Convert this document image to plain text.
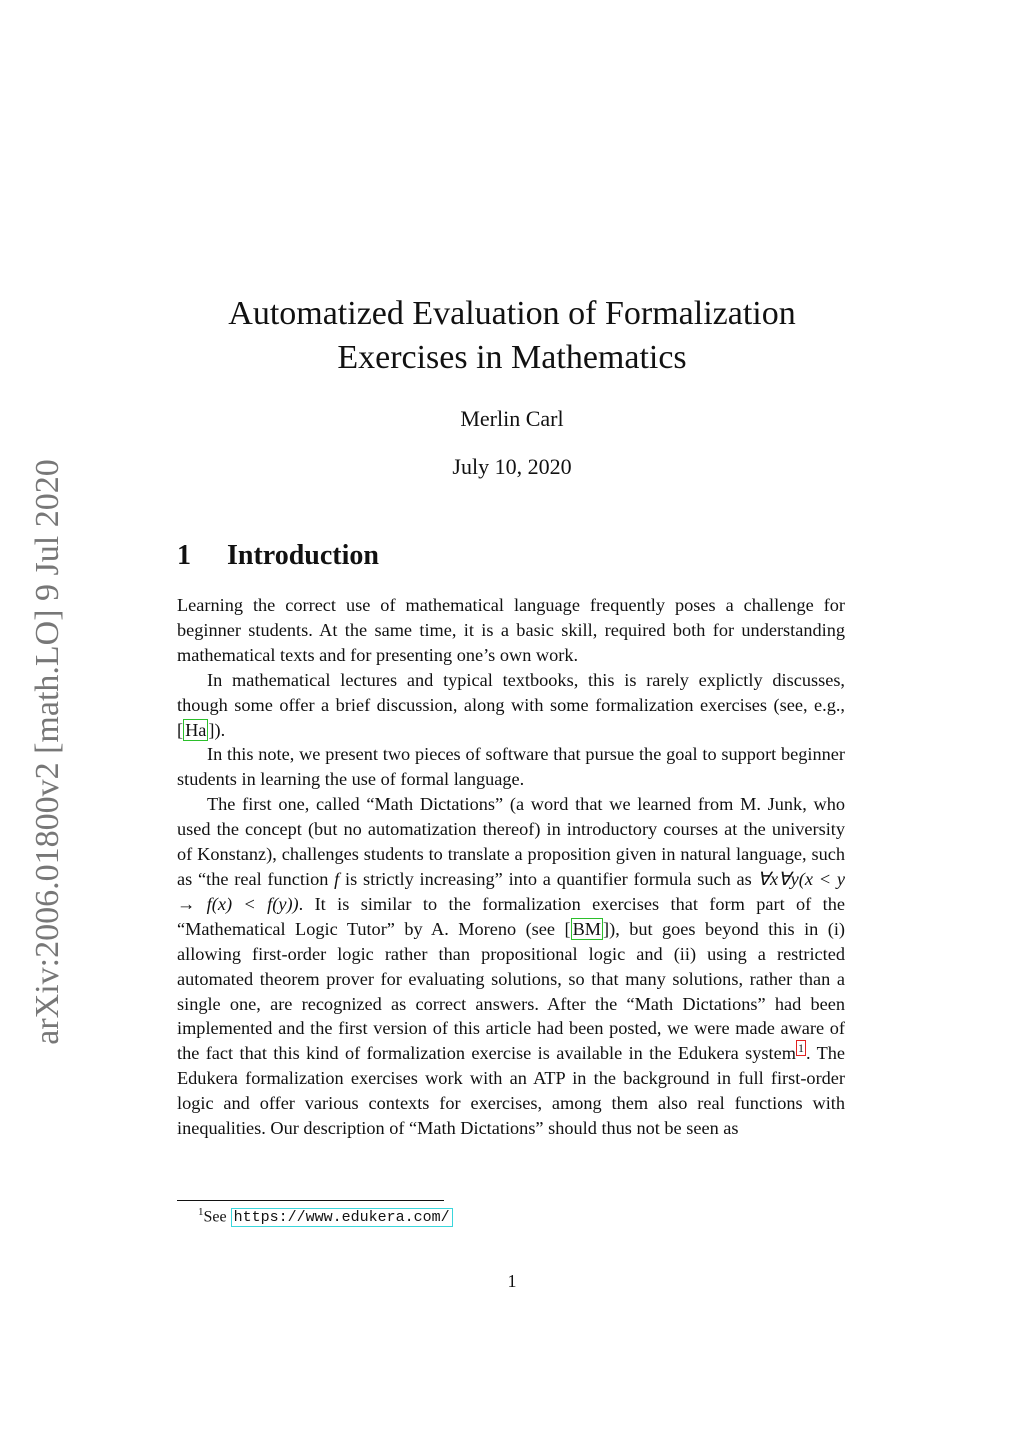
arXiv:2006.01800v2 [math.LO] 9 Jul 2020
Automatized Evaluation of Formalization
Exercises in Mathematics
Merlin Carl
July 10, 2020
1 Introduction

Learning the correct use of mathematical language frequently poses a challenge for beginner students. At the same time, it is a basic skill, required both for understanding mathematical texts and for presenting one’s own work.

In mathematical lectures and typical textbooks, this is rarely explictly discusses, though some offer a brief discussion, along with some formalization exercises (see, e.g., [ Ha ]).

In this note, we present two pieces of software that pursue the goal to support beginner students in learning the use of formal language.

The first one, called “Math Dictations” (a word that we learned from M. Junk, who used the concept (but no automatization thereof) in introductory courses at the university of Konstanz), challenges students to translate a proposition given in natural language, such as “the real function f is strictly increasing” into a quantifier formula such as ∀x∀y(x < y → f(x) < f(y)). It is similar to the formalization exercises that form part of the “Mathematical Logic Tutor” by A. Moreno (see [ BM ]), but goes beyond this in (i) allowing first-order logic rather than propositional logic and (ii) using a restricted automated theorem prover for evaluating solutions, so that many solutions, rather than a single one, are recognized as correct answers. After the “Math Dictations” had been implemented and the first version of this article had been posted, we were made aware of the fact that this kind of formalization exercise is available in the Edukera system $^1$ . The Edukera formalization exercises work with an ATP in the background in full first-order logic and offer various contexts for exercises, among them also real functions with inequalities. Our description of “Math Dictations” should thus not be seen as

$^1$See https://www.edukera.com/
1
